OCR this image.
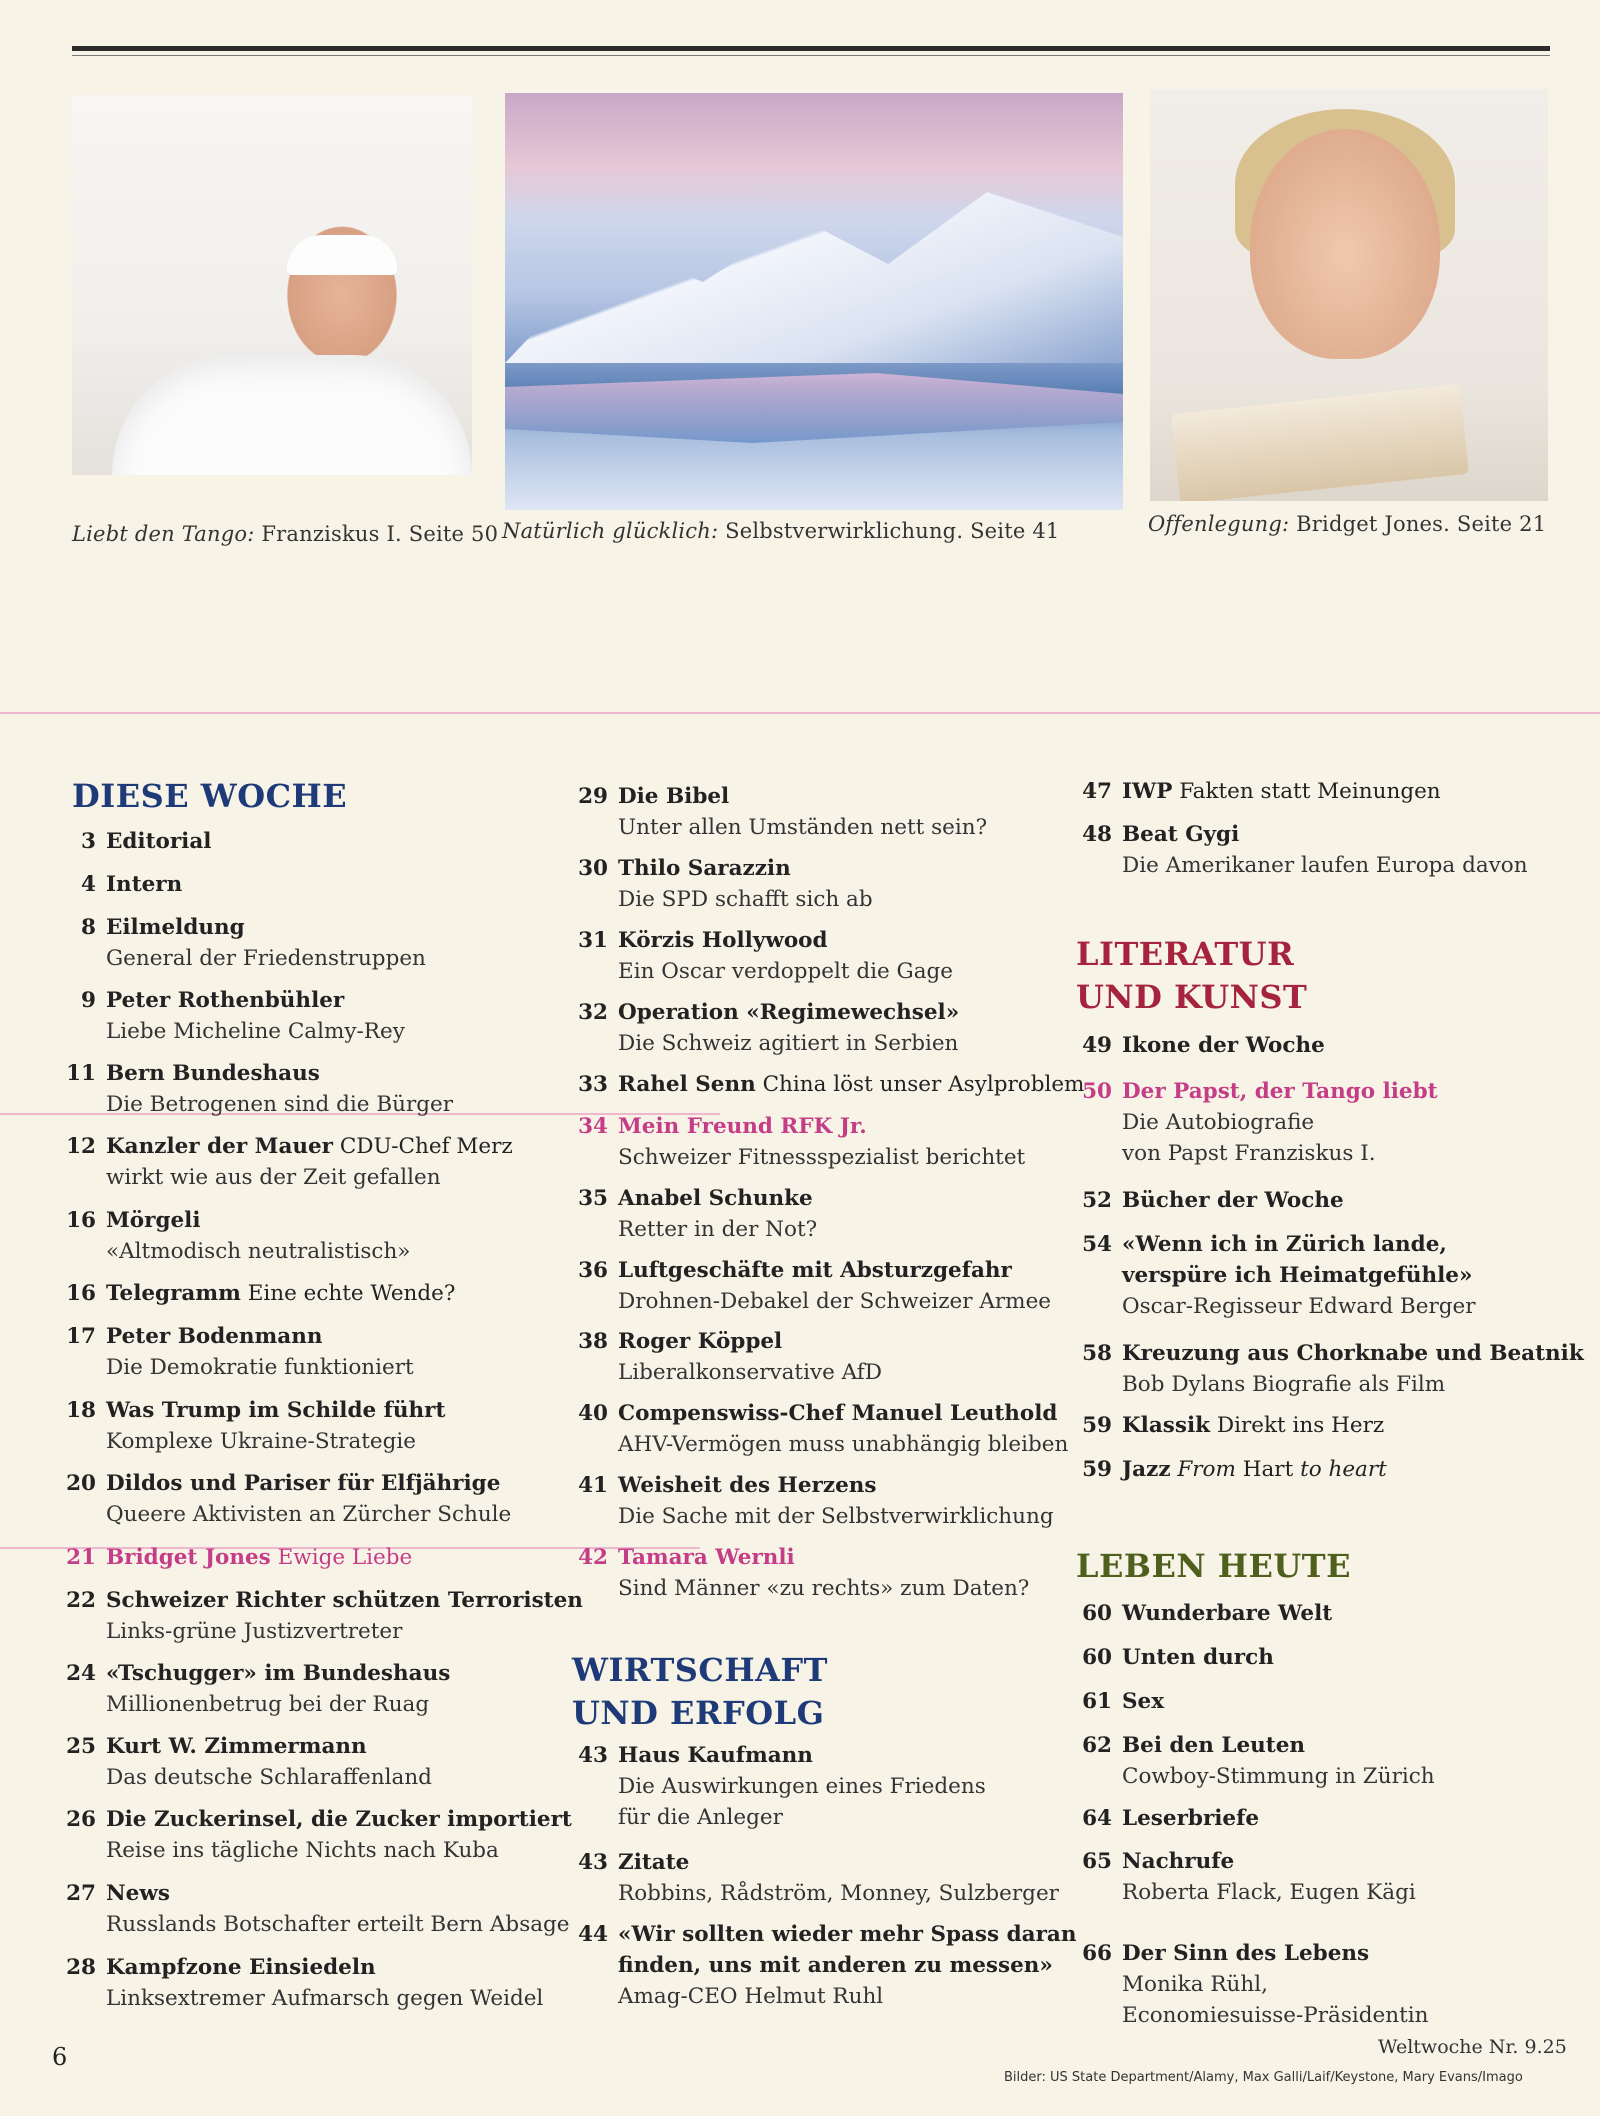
Liebt den Tango: Franziskus I. Seite 50 Natürlich glücklich: Selbstverwirklichung. Seite 41	Offenlegung: Bridget Jones. Seite 21
DIESE WOCHE
3 Editorial
4 Intern
8 Eilmeldung
General der Friedenstruppen
9 Peter Rothenbühler
Liebe Micheline Calmy-Rey
11 Bern Bundeshaus
Die Betrogenen sind die Bürger
12 Kanzler der Mauer CDU-Chef Merz
wirkt wie aus der Zeit gefallen
16 Mörgeli
«Altmodisch neutralistisch»
16 Telegramm Eine echte Wende?
17 Peter Bodenmann
Die Demokratie funktioniert
18 Was Trump im Schilde führt
Komplexe Ukraine-Strategie
20 Dildos und Pariser für Elfjährige
Queere Aktivisten an Zürcher Schule
21 Bridget Jones Ewige Liebe
22 Schweizer Richter schützen Terroristen
Links-grüne Justizvertreter
24 «Tschugger» im Bundeshaus
Millionenbetrug bei der Ruag
25 Kurt W. Zimmermann
Das deutsche Schlaraffenland
26 Die Zuckerinsel, die Zucker importiert
Reise ins tägliche Nichts nach Kuba
27 News
Russlands Botschafter erteilt Bern Absage
28 Kampfzone Einsiedeln
Linksextremer Aufmarsch gegen Weidel
29 Die Bibel
Unter allen Umständen nett sein?
30 Thilo Sarazzin
Die SPD schafft sich ab
31 Körzis Hollywood
Ein Oscar verdoppelt die Gage
32 Operation «Regimewechsel»
Die Schweiz agitiert in Serbien
33 Rahel Senn China löst unser Asylproblem
34 Mein Freund RFK Jr.
Schweizer Fitnessspezialist berichtet
35 Anabel Schunke
Retter in der Not?
36 Luftgeschäfte mit Absturzgefahr
Drohnen-Debakel der Schweizer Armee
38 Roger Köppel
Liberalkonservative AfD
40 Compenswiss-Chef Manuel Leuthold
AHV-Vermögen muss unabhängig bleiben
41 Weisheit des Herzens
Die Sache mit der Selbstverwirklichung
42 Tamara Wernli
Sind Männer «zu rechts» zum Daten?
43 Haus Kaufmann
Die Auswirkungen eines Friedens
für die Anleger
43 Zitate
Robbins, Rådström, Monney, Sulzberger
44 «Wir sollten wieder mehr Spass daran
finden, uns mit anderen zu messen»
Amag-CEO Helmut Ruhl
WIRTSCHAFT
UND ERFOLG
47 IWP Fakten statt Meinungen
48 Beat Gygi
Die Amerikaner laufen Europa davon
49 Ikone der Woche
50 Der Papst, der Tango liebt
Die Autobiografie
von Papst Franziskus I.
52 Bücher der Woche
54 «Wenn ich in Zürich lande,
verspüre ich Heimatgefühle»
Oscar-Regisseur Edward Berger
58 Kreuzung aus Chorknabe und Beatnik
Bob Dylans Biografie als Film
59 Klassik Direkt ins Herz
59 Jazz From Hart to heart
60 Wunderbare Welt
60 Unten durch
61 Sex
62 Bei den Leuten
Cowboy-Stimmung in Zürich
64 Leserbriefe
65 Nachrufe
Roberta Flack, Eugen Kägi
66 Der Sinn des Lebens
Monika Rühl,
Economiesuisse-Präsidentin
LITERATUR
UND KUNST
LEBEN HEUTE
6	Weltwoche Nr. 9.25
Bilder: US State Department/Alamy, Max Galli/Laif/Keystone, Mary Evans/Imago
